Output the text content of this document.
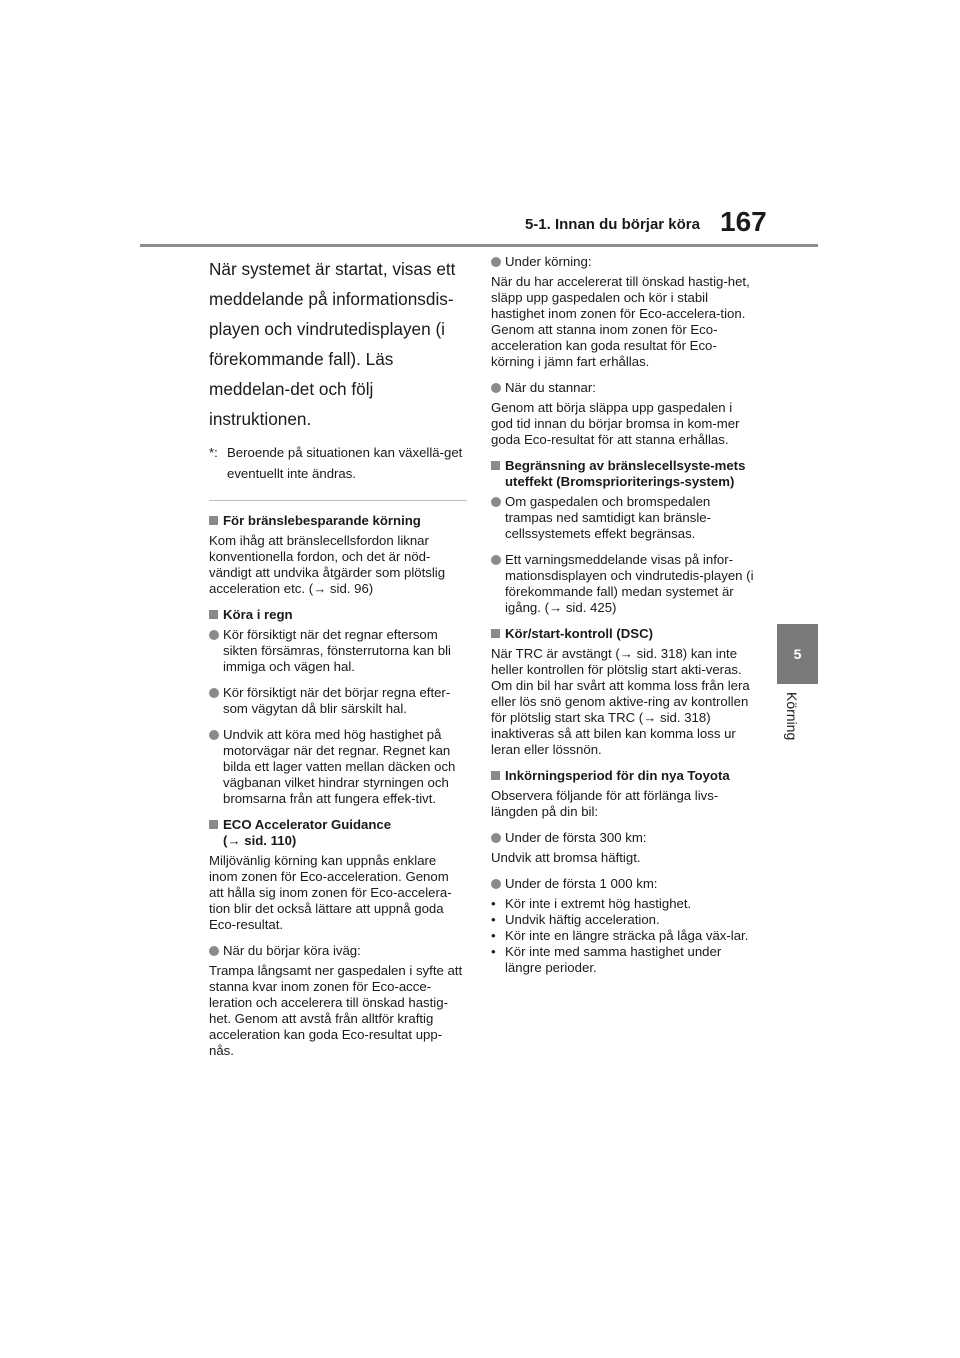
5-1. Innan du börjar köra 167
5
Körning

När systemet är startat, visas ett meddelande på informationsdis-playen och vindrutedisplayen (i förekommande fall). Läs meddelan-det och följ instruktionen.

*: Beroende på situationen kan växellä-get eventuellt inte ändras.
För bränslebesparande körning

Kom ihåg att bränslecellsfordon liknar konventionella fordon, och det är nöd-vändigt att undvika åtgärder som plötslig acceleration etc. (→ sid. 96)

Köra i regn
Kör försiktigt när det regnar eftersom sikten försämras, fönsterrutorna kan bli immiga och vägen hal.
Kör försiktigt när det börjar regna efter-som vägytan då blir särskilt hal.
Undvik att köra med hög hastighet på motorvägar när det regnar. Regnet kan bilda ett lager vatten mellan däcken och vägbanan vilket hindrar styrningen och bromsarna från att fungera effek-tivt.
ECO Accelerator Guidance
(→ sid. 110)

Miljövänlig körning kan uppnås enklare inom zonen för Eco-acceleration. Genom att hålla sig inom zonen för Eco-accelera-tion blir det också lättare att uppnå goda Eco-resultat.

När du börjar köra iväg:

Trampa långsamt ner gaspedalen i syfte att stanna kvar inom zonen för Eco-acce-leration och accelerera till önskad hastig-het. Genom att avstå från alltför kraftig acceleration kan goda Eco-resultat upp-nås.

Under körning:

När du har accelererat till önskad hastig-het, släpp upp gaspedalen och kör i stabil hastighet inom zonen för Eco-accelera-tion. Genom att stanna inom zonen för Eco-acceleration kan goda resultat för Eco-körning i jämn fart erhållas.

När du stannar:

Genom att börja släppa upp gaspedalen i god tid innan du börjar bromsa in kom-mer goda Eco-resultat för att stanna erhållas.

Begränsning av bränslecellsyste-mets uteffekt (Bromsprioriterings-system)
Om gaspedalen och bromspedalen trampas ned samtidigt kan bränsle-cellssystemets effekt begränsas.
Ett varningsmeddelande visas på infor-mationsdisplayen och vindrutedis-playen (i förekommande fall) medan systemet är igång. (→ sid. 425)
Kör/start-kontroll (DSC)

När TRC är avstängt (→ sid. 318) kan inte heller kontrollen för plötslig start akti-veras. Om din bil har svårt att komma loss från lera eller lös snö genom aktive-ring av kontrollen för plötslig start ska TRC (→ sid. 318) inaktiveras så att bilen kan komma loss ur leran eller lössnön.

Inkörningsperiod för din nya Toyota

Observera följande för att förlänga livs-längden på din bil:

Under de första 300 km:

Undvik att bromsa häftigt.

Under de första 1 000 km:
• Kör inte i extremt hög hastighet.
• Undvik häftig acceleration.
• Kör inte en längre sträcka på låga väx-lar.
• Kör inte med samma hastighet under längre perioder.
